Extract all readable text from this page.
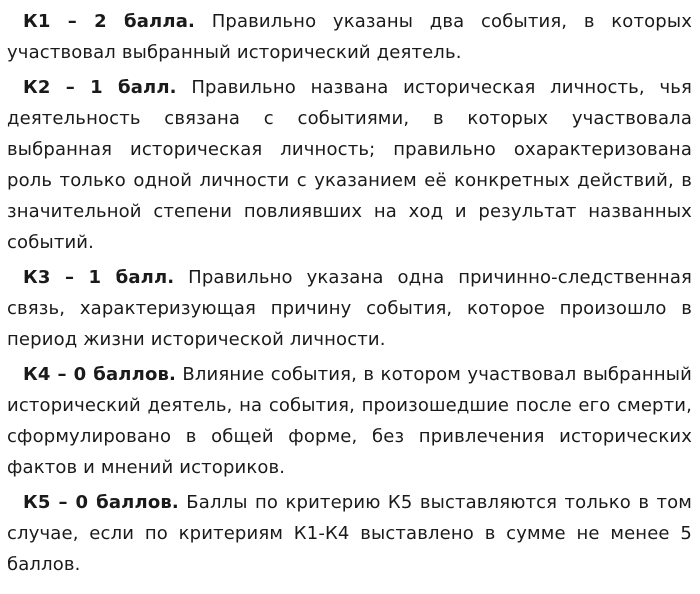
К1 – 2 балла. Правильно указаны два события, в которых участвовал выбранный исторический деятель.

К2 – 1 балл. Правильно названа историческая личность, чья деятельность связана с событиями, в которых участвовала выбранная историческая личность; правильно охарактеризована роль только одной личности с указанием её конкретных действий, в значительной степени повлиявших на ход и результат названных событий.

К3 – 1 балл. Правильно указана одна причинно-следственная связь, характеризующая причину события, которое произошло в период жизни исторической личности.

К4 – 0 баллов. Влияние события, в котором участвовал выбранный исторический деятель, на события, произошедшие после его смерти, сформулировано в общей форме, без привлечения исторических фактов и мнений историков.

К5 – 0 баллов. Баллы по критерию К5 выставляются только в том случае, если по критериям К1-К4 выставлено в сумме не менее 5 баллов.
